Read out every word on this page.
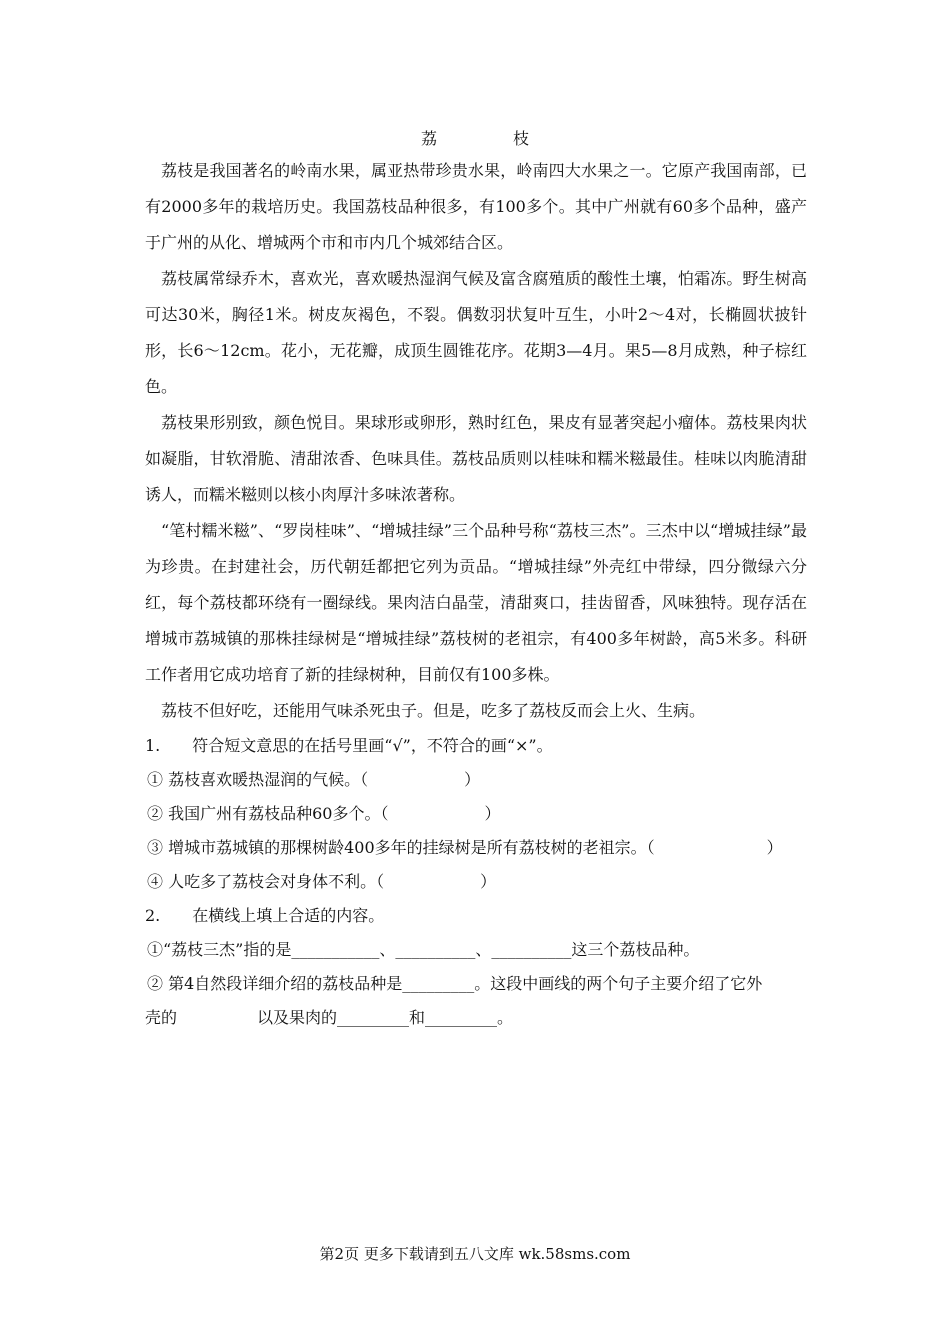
荔　枝

荔枝是我国著名的岭南水果，属亚热带珍贵水果，岭南四大水果之一。它原产我国南部，已有2000多年的栽培历史。我国荔枝品种很多，有100多个。其中广州就有60多个品种，盛产于广州的从化、增城两个市和市内几个城郊结合区。

荔枝属常绿乔木，喜欢光，喜欢暖热湿润气候及富含腐殖质的酸性土壤，怕霜冻。野生树高可达30米，胸径1米。树皮灰褐色，不裂。偶数羽状复叶互生，小叶2～4对，长椭圆状披针形，长6～12cm。花小，无花瓣，成顶生圆锥花序。花期3—4月。果5—8月成熟，种子棕红色。

荔枝果形别致，颜色悦目。果球形或卵形，熟时红色，果皮有显著突起小瘤体。荔枝果肉状如凝脂，甘软滑脆、清甜浓香、色味具佳。荔枝品质则以桂味和糯米糍最佳。桂味以肉脆清甜诱人，而糯米糍则以核小肉厚汁多味浓著称。

“笔村糯米糍”、“罗岗桂味”、“增城挂绿”三个品种号称“荔枝三杰”。三杰中以“增城挂绿”最为珍贵。在封建社会，历代朝廷都把它列为贡品。“增城挂绿”外壳红中带绿，四分微绿六分红，每个荔枝都环绕有一圈绿线。果肉洁白晶莹，清甜爽口，挂齿留香，风味独特。现存活在增城市荔城镇的那株挂绿树是“增城挂绿”荔枝树的老祖宗，有400多年树龄，高5米多。科研工作者用它成功培育了新的挂绿树种，目前仅有100多株。

荔枝不但好吃，还能用气味杀死虫子。但是，吃多了荔枝反而会上火、生病。

1.　　符合短文意思的在括号里画“√”，不符合的画“×”。

① 荔枝喜欢暖热湿润的气候。（　　　　　　）

② 我国广州有荔枝品种60多个。（　　　　　　）

③ 增城市荔城镇的那棵树龄400多年的挂绿树是所有荔枝树的老祖宗。（　　　　　　　）

④ 人吃多了荔枝会对身体不利。（　　　　　　）

2.　　在横线上填上合适的内容。

①“荔枝三杰”指的是___________、__________、__________这三个荔枝品种。

② 第4自然段详细介绍的荔枝品种是_________。这段中画线的两个句子主要介绍了它外

壳的　　　　　以及果肉的_________和_________。

第2页 更多下载请到五八文库 wk.58sms.com
